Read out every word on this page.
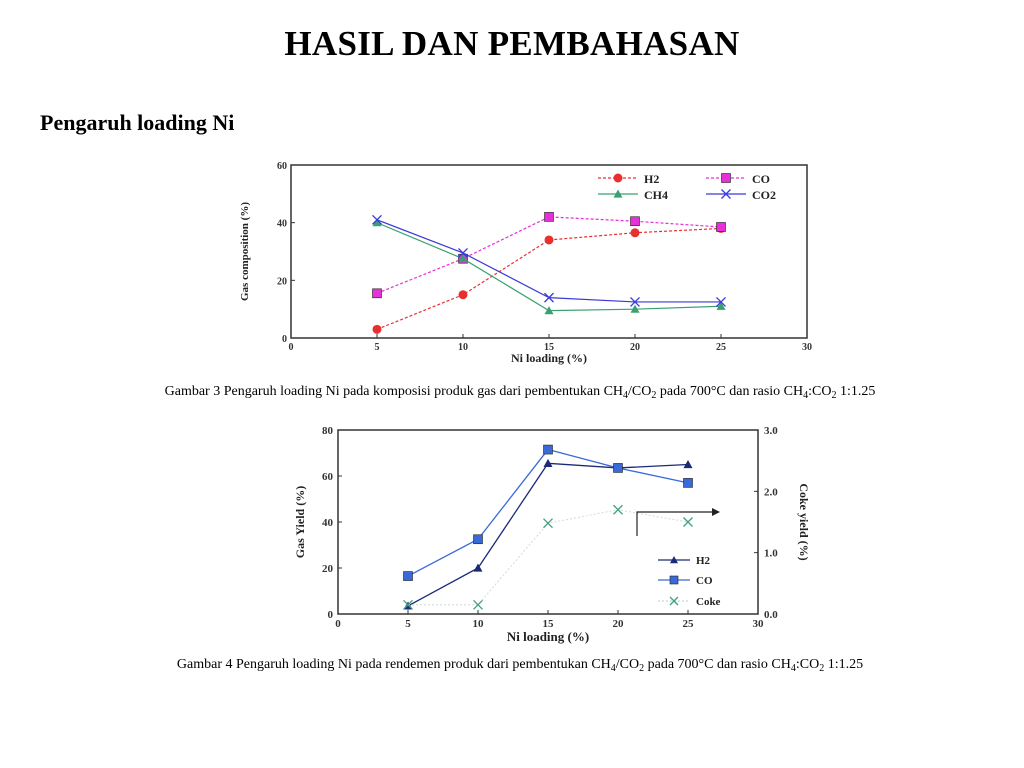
HASIL DAN PEMBAHASAN
Pengaruh loading Ni
0	5	10	15	20	25	30
0
20
40
60
Ni loading (%)
Gas composition (%)
H2	CO
CH4	CO2
Gambar 3 Pengaruh loading Ni pada komposisi produk gas dari pembentukan $CH_4/CO_2$ pada 700°C dan rasio $CH_4:CO_2$ 1:1.25
0	5	10	15	20	25	30
0
20
40
60
80
0.0
1.0
2.0
3.0
Ni loading (%)
Gas Yield (%)	Coke yield (%)
H2
CO
Coke
Gambar 4 Pengaruh loading Ni pada rendemen produk dari pembentukan $CH_4/CO_2$ pada 700°C dan rasio $CH_4:CO_2$ 1:1.25
